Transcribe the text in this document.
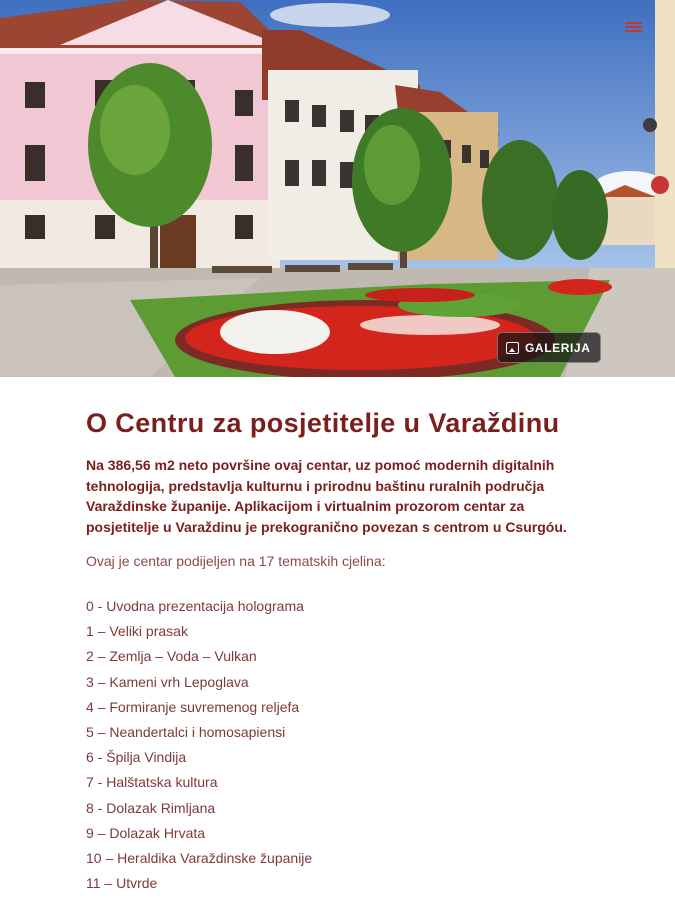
GALERIJA
O Centru za posjetitelje u Varaždinu

Na 386,56 m2 neto površine ovaj centar, uz pomoć modernih digitalnih tehnologija, predstavlja kulturnu i prirodnu baštinu ruralnih područja Varaždinske županije. Aplikacijom i virtualnim prozorom centar za posjetitelje u Varaždinu je prekogranično povezan s centrom u Csurgóu.

Ovaj je centar podijeljen na 17 tematskih cjelina:

0 - Uvodna prezentacija holograma
1 – Veliki prasak
2 – Zemlja – Voda – Vulkan
3 – Kameni vrh Lepoglava
4 – Formiranje suvremenog reljefa
5 – Neandertalci i homosapiensi
6 - Špilja Vindija
7 - Halštatska kultura
8 - Dolazak Rimljana
9 – Dolazak Hrvata
10 – Heraldika Varaždinske županije
11 – Utvrde
